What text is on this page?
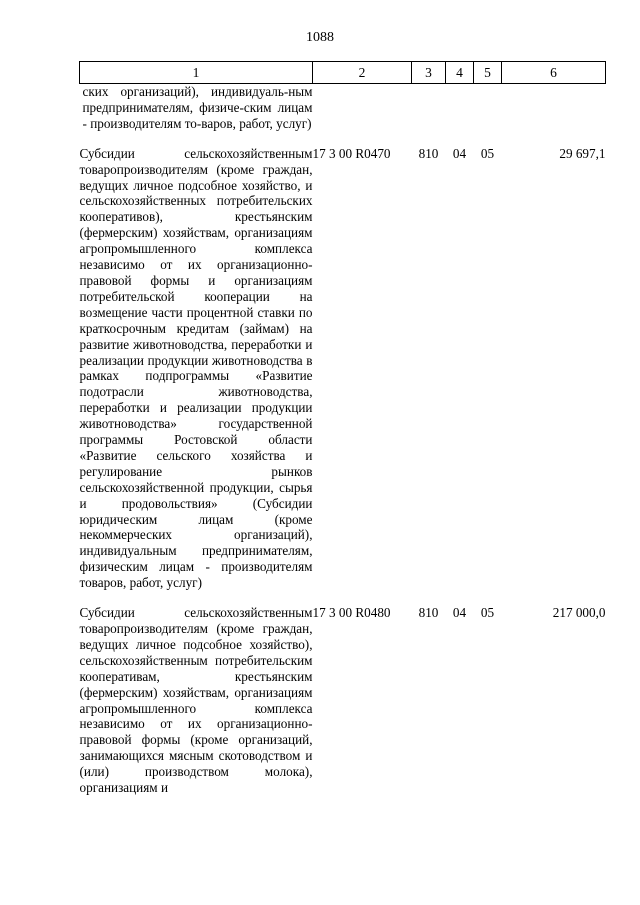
1088
1	2	3	4	5	6
ских организаций), индивидуаль-ным предпринимателям, физиче-ским лицам - производителям то-варов, работ, услуг)					
Субсидии сельскохозяйственным товаропроизводителям (кроме граждан, ведущих личное подсобное хозяйство, и сельскохозяйственных потребительских кооперативов), крестьянским (фермерским) хозяйствам, организациям агропромышленного комплекса независимо от их организационно-правовой формы и организациям потребительской кооперации на возмещение части процентной ставки по краткосрочным кредитам (займам) на развитие животноводства, переработки и реализации продукции животноводства в рамках подпрограммы «Развитие подотрасли животноводства, переработки и реализации продукции животноводства» государственной программы Ростовской области «Развитие сельского хозяйства и регулирование рынков сельскохозяйственной продукции, сырья и продовольствия» (Субсидии юридическим лицам (кроме некоммерческих организаций), индивидуальным предпринимателям, физическим лицам - производителям товаров, работ, услуг)	17 3 00 R0470	810	04	05	29 697,1
Субсидии сельскохозяйственным товаропроизводителям (кроме граждан, ведущих личное подсобное хозяйство), сельскохозяйственным потребительским кооперативам, крестьянским (фермерским) хозяйствам, организациям агропромышленного комплекса независимо от их организационно-правовой формы (кроме организаций, занимающихся мясным скотоводством и (или) производством молока), организациям и	17 3 00 R0480	810	04	05	217 000,0
